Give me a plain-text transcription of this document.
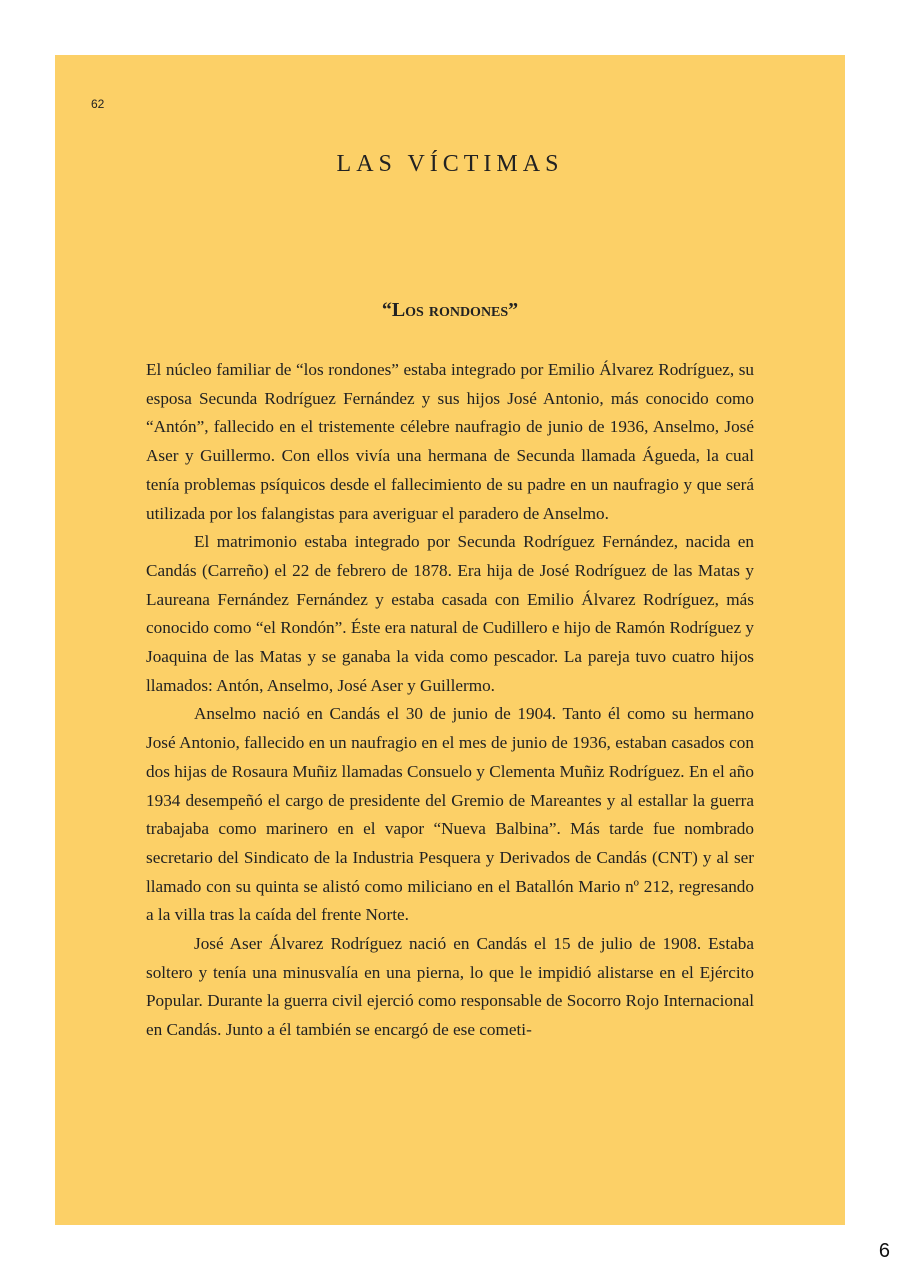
62
LAS VÍCTIMAS
“Los rondones”

El núcleo familiar de “los rondones” estaba integrado por Emilio Álvarez Rodríguez, su esposa Secunda Rodríguez Fernández y sus hijos José Antonio, más conocido como “Antón”, fallecido en el tristemente célebre naufragio de junio de 1936, Anselmo, José Aser y Guillermo. Con ellos vivía una hermana de Secunda llamada Águeda, la cual tenía problemas psíquicos desde el fallecimiento de su padre en un naufragio y que será utilizada por los falangistas para averiguar el paradero de Anselmo.

El matrimonio estaba integrado por Secunda Rodríguez Fernández, nacida en Candás (Carreño) el 22 de febrero de 1878. Era hija de José Rodríguez de las Matas y Laureana Fernández Fernández y estaba casada con Emilio Álvarez Rodríguez, más conocido como “el Rondón”. Éste era natural de Cudillero e hijo de Ramón Rodríguez y Joaquina de las Matas y se ganaba la vida como pescador. La pareja tuvo cuatro hijos llamados: Antón, Anselmo, José Aser y Guillermo.

Anselmo nació en Candás el 30 de junio de 1904. Tanto él como su hermano José Antonio, fallecido en un naufragio en el mes de junio de 1936, estaban casados con dos hijas de Rosaura Muñiz llamadas Consuelo y Clementa Muñiz Rodríguez. En el año 1934 desempeñó el cargo de presidente del Gremio de Mareantes y al estallar la guerra trabajaba como marinero en el vapor “Nueva Balbina”. Más tarde fue nombrado secretario del Sindicato de la Industria Pesquera y Derivados de Candás (CNT) y al ser llamado con su quinta se alistó como miliciano en el Batallón Mario nº 212, regresando a la villa tras la caída del frente Norte.

José Aser Álvarez Rodríguez nació en Candás el 15 de julio de 1908. Estaba soltero y tenía una minusvalía en una pierna, lo que le impidió alistarse en el Ejército Popular. Durante la guerra civil ejerció como responsable de Socorro Rojo Internacional en Candás. Junto a él también se encargó de ese cometi-

6
